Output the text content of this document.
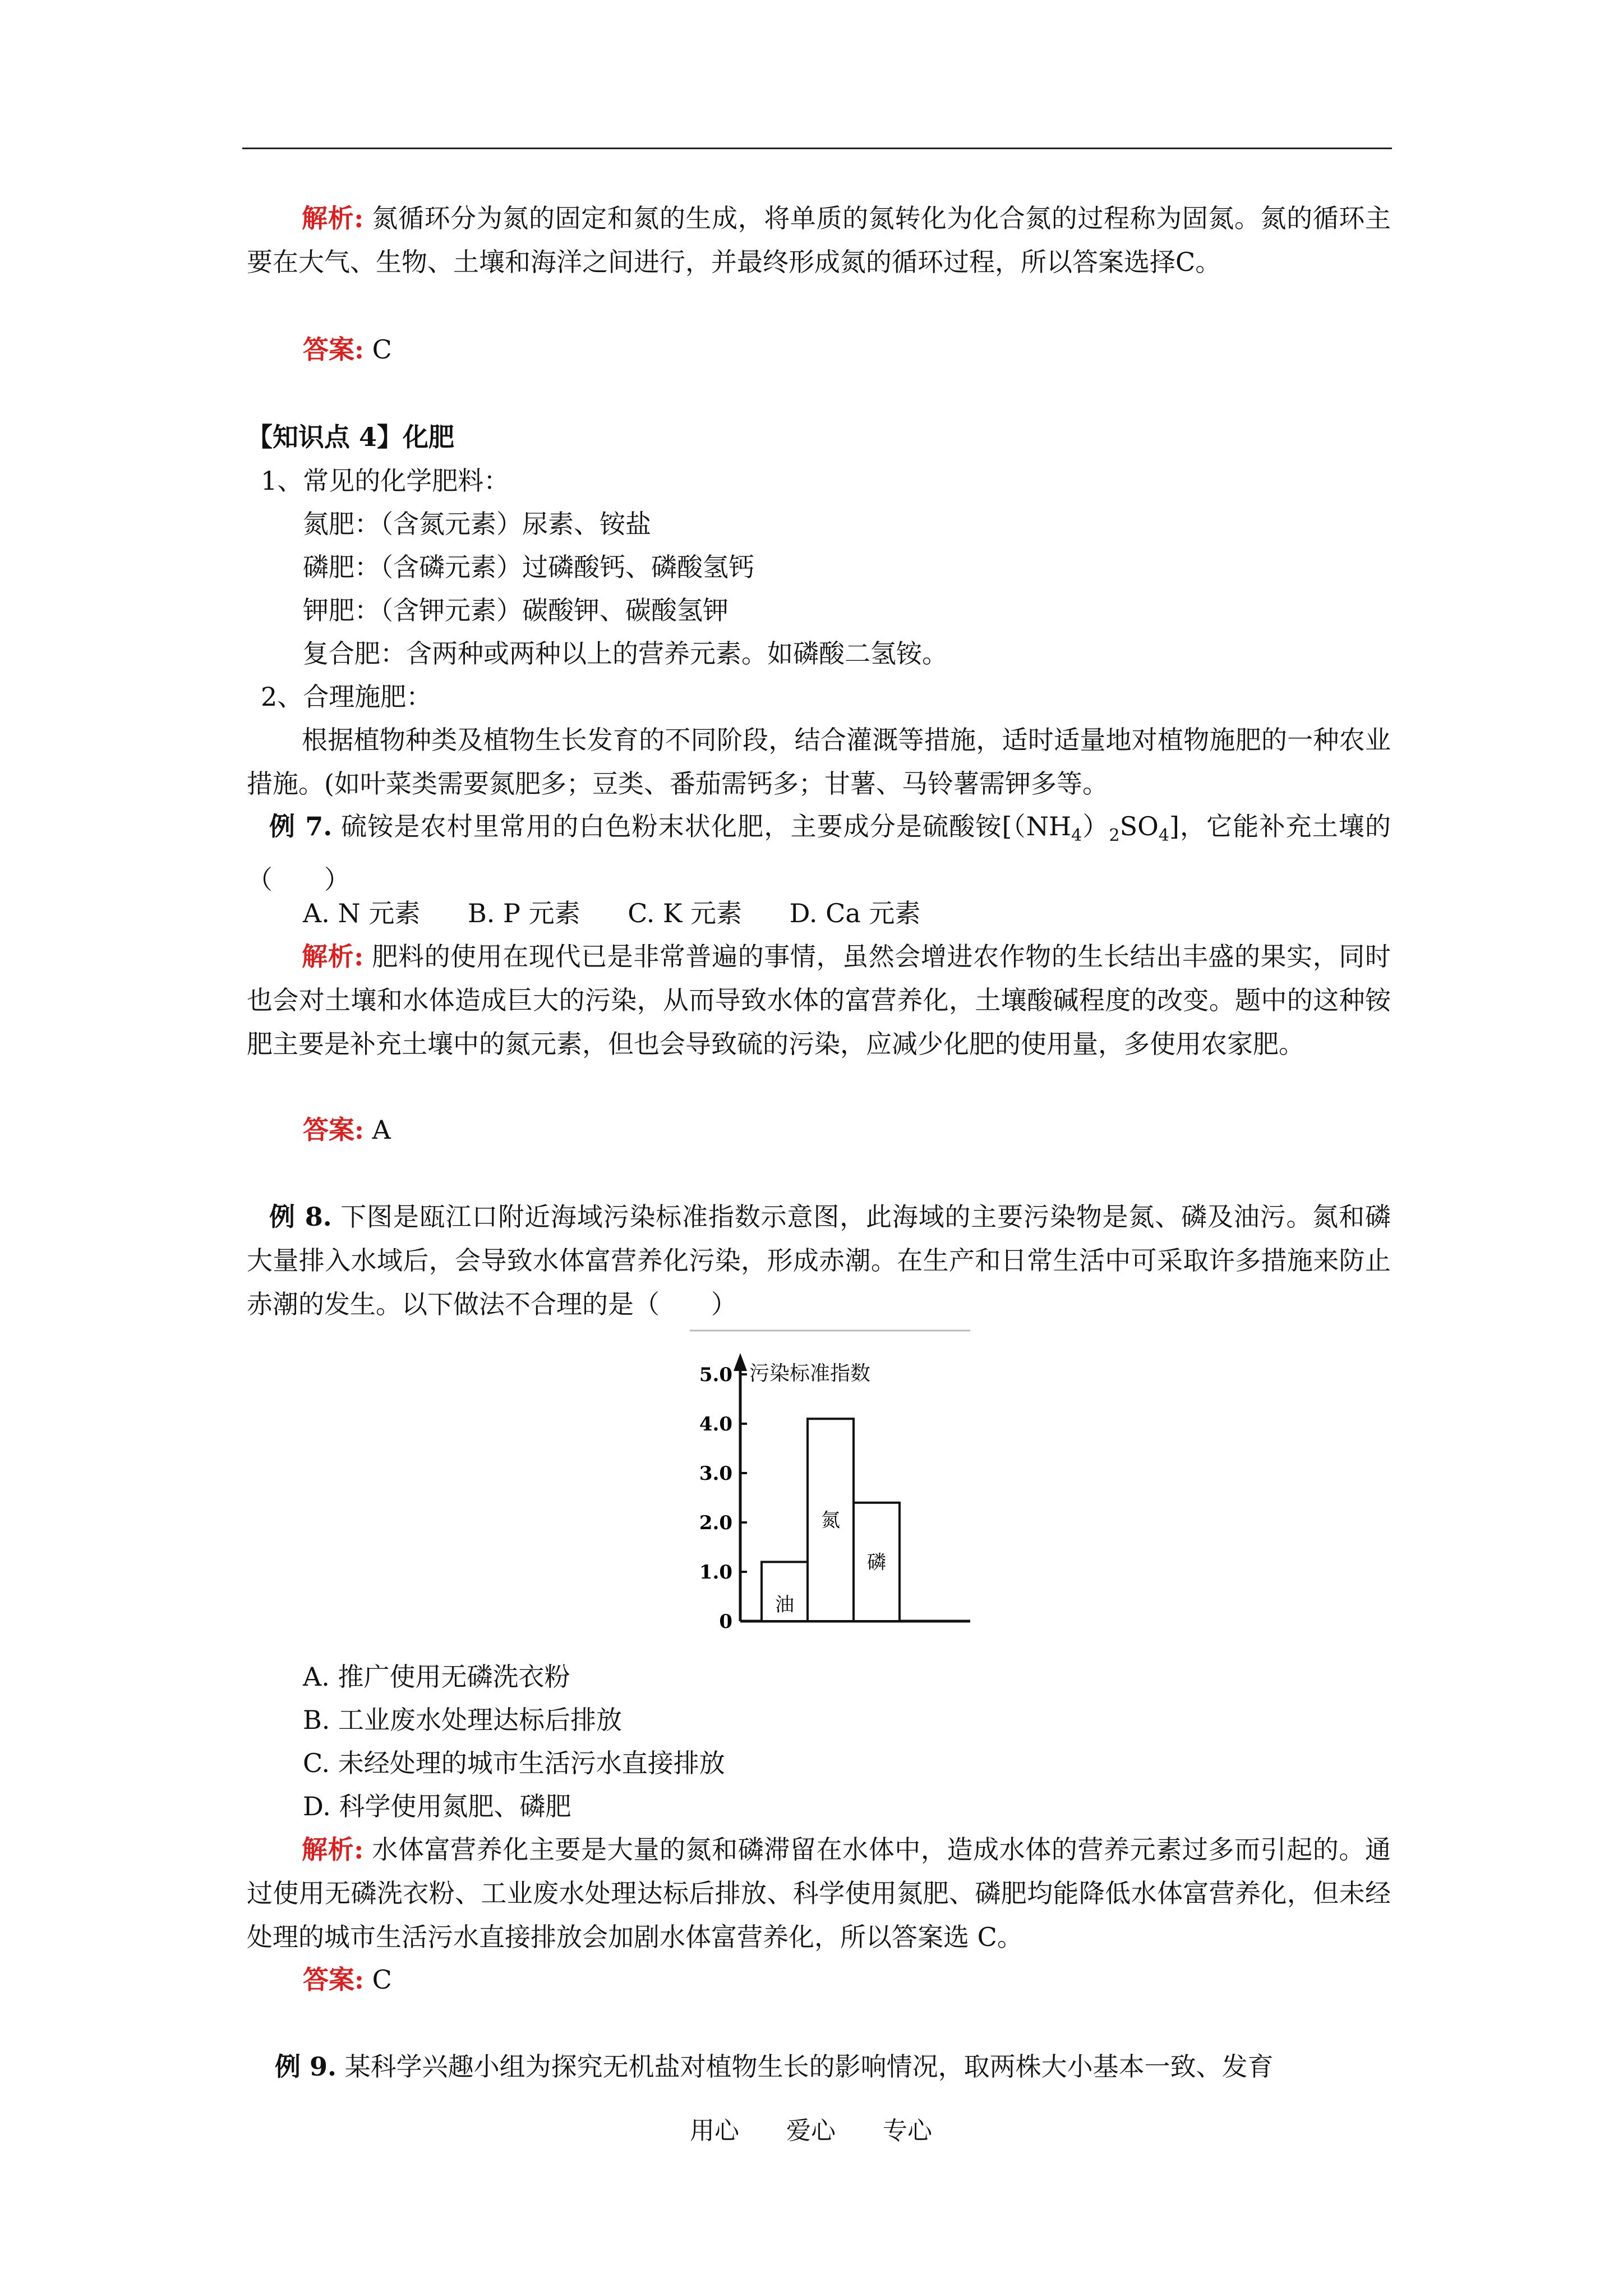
解析: 氮循环分为氮的固定和氮的生成，将单质的氮转化为化合氮的过程称为固氮。氮的循环主要在大气、生物、土壤和海洋之间进行，并最终形成氮的循环过程，所以答案选择C。
答案: C
【知识点 4】化肥
1、常见的化学肥料：
氮肥：（含氮元素）尿素、铵盐
磷肥：（含磷元素）过磷酸钙、磷酸氢钙
钾肥：（含钾元素）碳酸钾、碳酸氢钾
复合肥：含两种或两种以上的营养元素。如磷酸二氢铵。
2、合理施肥：
根据植物种类及植物生长发育的不同阶段，结合灌溉等措施，适时适量地对植物施肥的一种农业措施。(如叶菜类需要氮肥多；豆类、番茄需钙多；甘薯、马铃薯需钾多等。
例 7. 硫铵是农村里常用的白色粉末状化肥，主要成分是硫酸铵$[(NH_4)_2SO_4]$，它能补充土壤的（　　）
A. N 元素 B. P 元素 C. K 元素 D. Ca 元素
解析: 肥料的使用在现代已是非常普遍的事情，虽然会增进农作物的生长结出丰盛的果实，同时也会对土壤和水体造成巨大的污染，从而导致水体的富营养化，土壤酸碱程度的改变。题中的这种铵肥主要是补充土壤中的氮元素，但也会导致硫的污染，应减少化肥的使用量，多使用农家肥。
答案: A
例 8. 下图是瓯江口附近海域污染标准指数示意图，此海域的主要污染物是氮、磷及油污。氮和磷大量排入水域后，会导致水体富营养化污染，形成赤潮。在生产和日常生活中可采取许多措施来防止赤潮的发生。以下做法不合理的是（　　）
污染标准指数
0
1.0
2.0
3.0
4.0
5.0
油
氮
磷
A. 推广使用无磷洗衣粉
B. 工业废水处理达标后排放
C. 未经处理的城市生活污水直接排放
D. 科学使用氮肥、磷肥
解析: 水体富营养化主要是大量的氮和磷滞留在水体中，造成水体的营养元素过多而引起的。通过使用无磷洗衣粉、工业废水处理达标后排放、科学使用氮肥、磷肥均能降低水体富营养化，但未经处理的城市生活污水直接排放会加剧水体富营养化，所以答案选 C。
答案: C
例 9. 某科学兴趣小组为探究无机盐对植物生长的影响情况，取两株大小基本一致、发育
用心 爱心 专心
